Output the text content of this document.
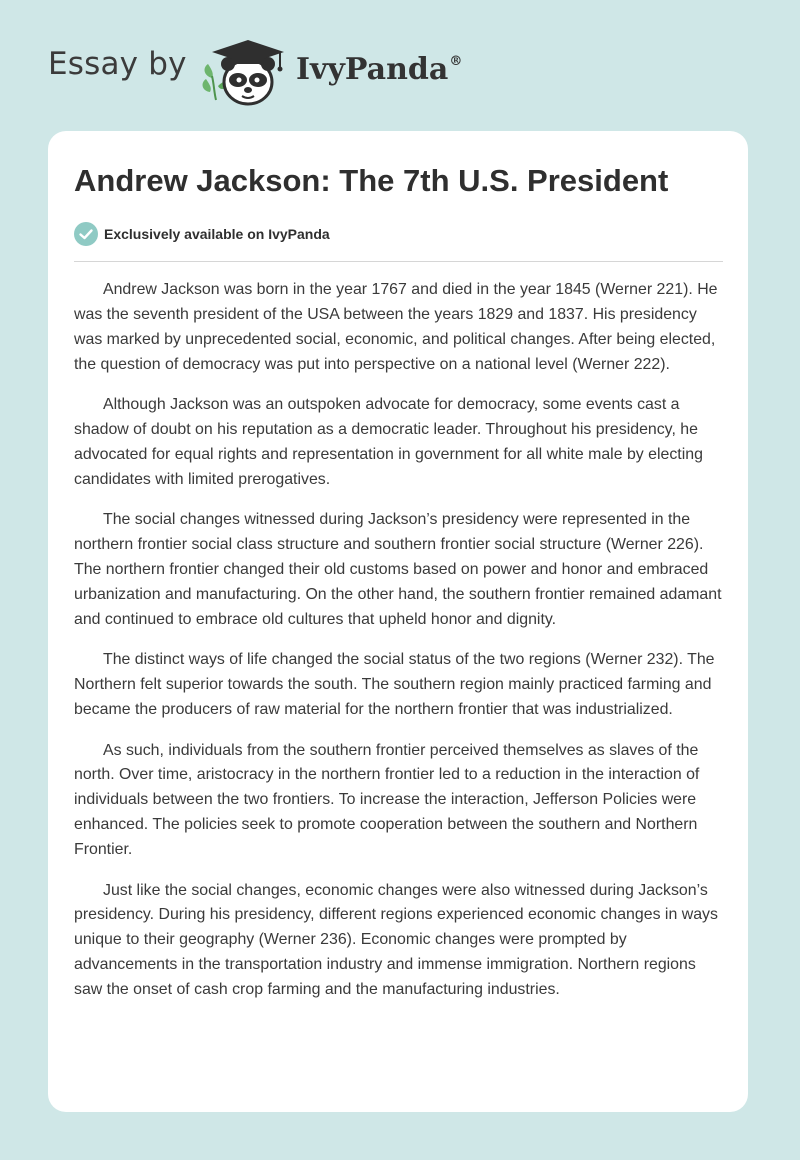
Essay by	IvyPanda®
Andrew Jackson: The 7th U.S. President
Exclusively available on IvyPanda

Andrew Jackson was born in the year 1767 and died in the year 1845 (Werner 221). He was the seventh president of the USA between the years 1829 and 1837. His presidency was marked by unprecedented social, economic, and political changes. After being elected, the question of democracy was put into perspective on a national level (Werner 222).

Although Jackson was an outspoken advocate for democracy, some events cast a shadow of doubt on his reputation as a democratic leader. Throughout his presidency, he advocated for equal rights and representation in government for all white male by electing candidates with limited prerogatives.

The social changes witnessed during Jackson’s presidency were represented in the northern frontier social class structure and southern frontier social structure (Werner 226). The northern frontier changed their old customs based on power and honor and embraced urbanization and manufacturing. On the other hand, the southern frontier remained adamant and continued to embrace old cultures that upheld honor and dignity.

The distinct ways of life changed the social status of the two regions (Werner 232). The Northern felt superior towards the south. The southern region mainly practiced farming and became the producers of raw material for the northern frontier that was industrialized.

As such, individuals from the southern frontier perceived themselves as slaves of the north. Over time, aristocracy in the northern frontier led to a reduction in the interaction of individuals between the two frontiers. To increase the interaction, Jefferson Policies were enhanced. The policies seek to promote cooperation between the southern and Northern Frontier.

Just like the social changes, economic changes were also witnessed during Jackson’s presidency. During his presidency, different regions experienced economic changes in ways unique to their geography (Werner 236). Economic changes were prompted by advancements in the transportation industry and immense immigration. Northern regions saw the onset of cash crop farming and the manufacturing industries.
